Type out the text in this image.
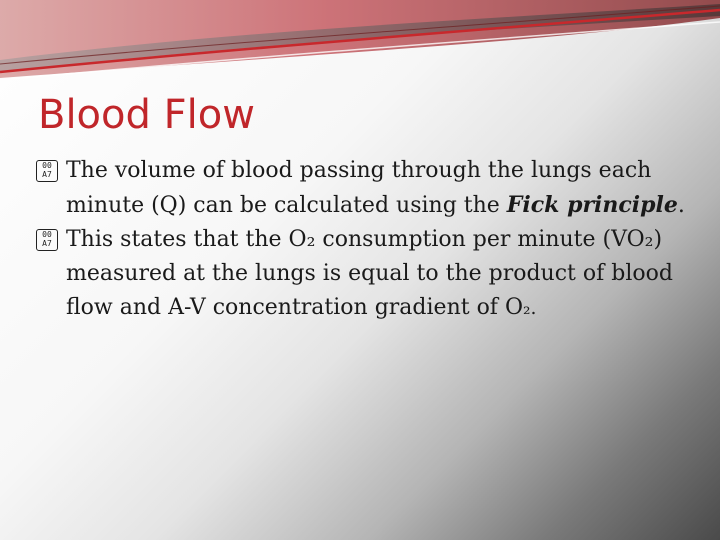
Blood Flow
00
A7 The volume of blood passing through the lungs each minute (Q) can be calculated using the Fick principle.
00
A7 This states that the O₂ consumption per minute (VO₂) measured at the lungs is equal to the product of blood flow and A-V concentration gradient of O₂.
